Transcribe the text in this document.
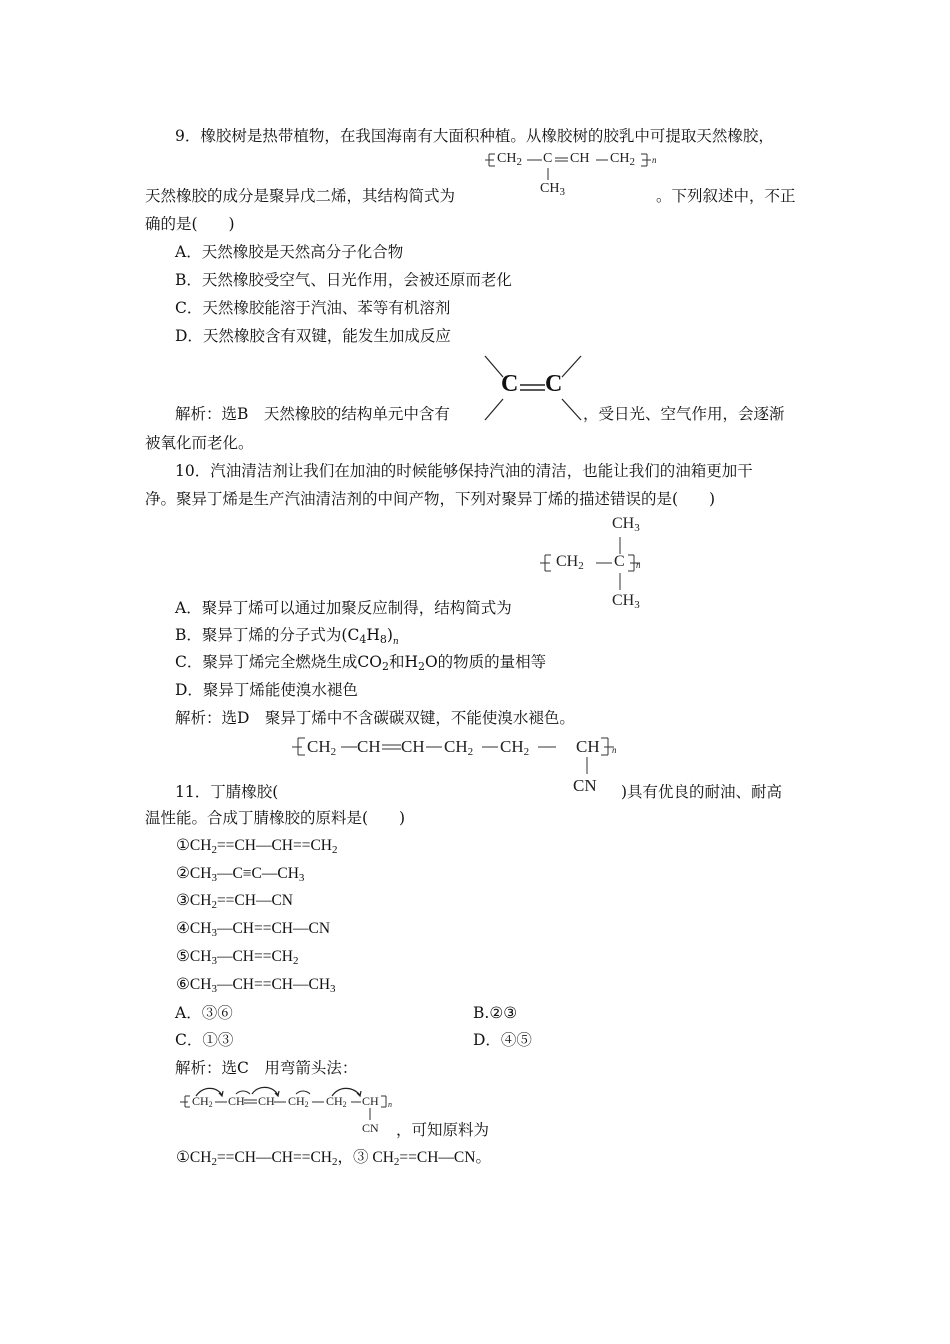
9．橡胶树是热带植物，在我国海南有大面积种植。从橡胶树的胶乳中可提取天然橡胶，
$CH_2$ C CH $CH_2$ n
$CH_3$
天然橡胶的成分是聚异戊二烯，其结构简式为	。下列叙述中，不正
确的是(　　)
A．天然橡胶是天然高分子化合物
B．天然橡胶受空气、日光作用，会被还原而老化
C．天然橡胶能溶于汽油、苯等有机溶剂
D．天然橡胶含有双键，能发生加成反应
C C
解析：选B　天然橡胶的结构单元中含有	，受日光、空气作用，会逐渐
被氧化而老化。
10．汽油清洁剂让我们在加油的时候能够保持汽油的清洁，也能让我们的油箱更加干
净。聚异丁烯是生产汽油清洁剂的中间产物，下列对聚异丁烯的描述错误的是(　　)
CH3
CH2 C n
CH3
A．聚异丁烯可以通过加聚反应制得，结构简式为
B．聚异丁烯的分子式为$(C4H8)_n$
C．聚异丁烯完全燃烧生成CO2和H2O的物质的量相等
D．聚异丁烯能使溴水褪色
解析：选D　聚异丁烯中不含碳碳双键，不能使溴水褪色。
CH2 CH CH CH2 CH2	CH n
CN
11．丁腈橡胶(	)具有优良的耐油、耐高
温性能。合成丁腈橡胶的原料是(　　)
①CH2==CH—CH==CH2
②CH3—C≡C—CH3
③CH2==CH—CN
④CH3—CH==CH—CN
⑤CH3—CH==CH2
⑥CH3—CH==CH—CH3
A．③⑥	B.②③
C．①③	D．④⑤
解析：选C　用弯箭头法：
CH2 CH CH CH2 CH2 CH n
CN ，可知原料为
①CH2==CH—CH==CH2，③ CH2==CH—CN。
